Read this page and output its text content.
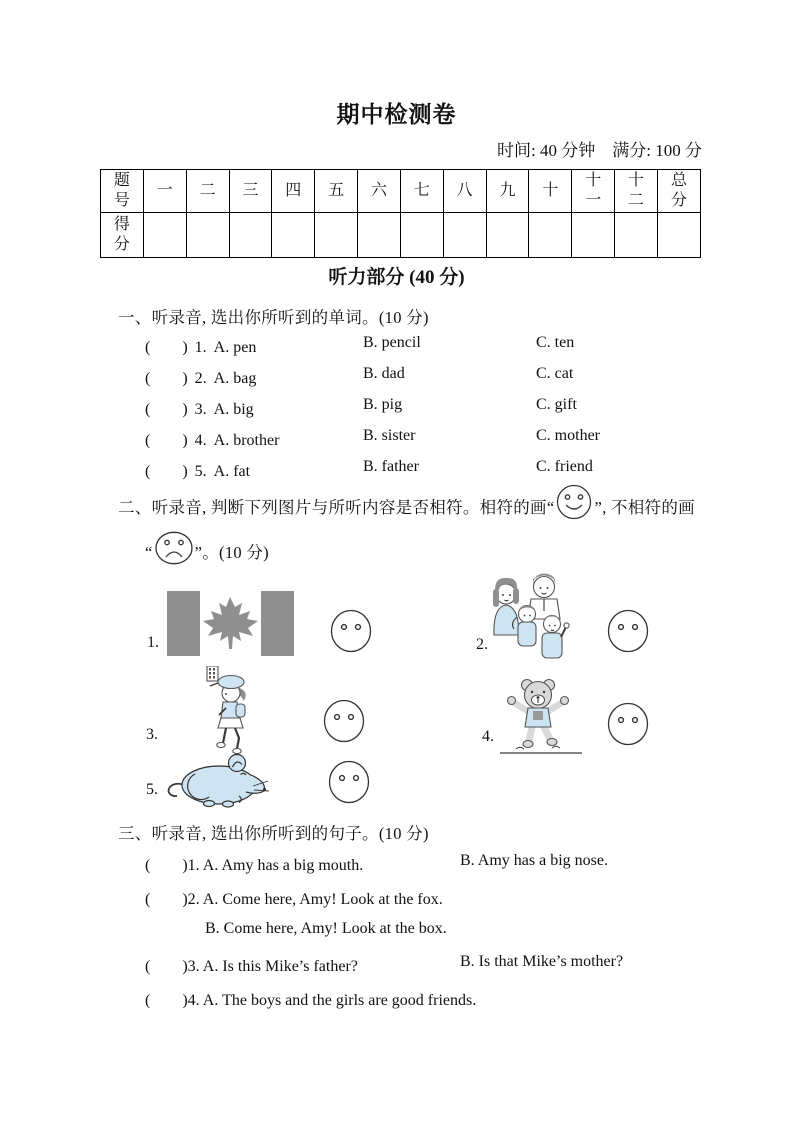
期中检测卷
时间: 40 分钟　满分: 100 分
题号	一	二	三	四	五	六	七	八	九	十	十一	十二	总分
得分													
听力部分 (40 分)
一、听录音, 选出你所听到的单词。(10 分)
(　　) 1. A. pen	B. pencil	C. ten
(　　) 2. A. bag	B. dad	C. cat
(　　) 3. A. big	B. pig	C. gift
(　　) 4. A. brother	B. sister	C. mother
(　　) 5. A. fat	B. father	C. friend
二、听录音, 判断下列图片与所听内容是否相符。相符的画“ ”, 不相符的画
“	”。(10 分)
1.	2.
3.	4.
5.
三、听录音, 选出你所听到的句子。(10 分)
(　　)1. A. Amy has a big mouth.	B. Amy has a big nose.
(　　)2. A. Come here, Amy! Look at the fox.
B. Come here, Amy! Look at the box.
(　　)3. A. Is this Mike’s father?	B. Is that Mike’s mother?
(　　)4. A. The boys and the girls are good friends.
